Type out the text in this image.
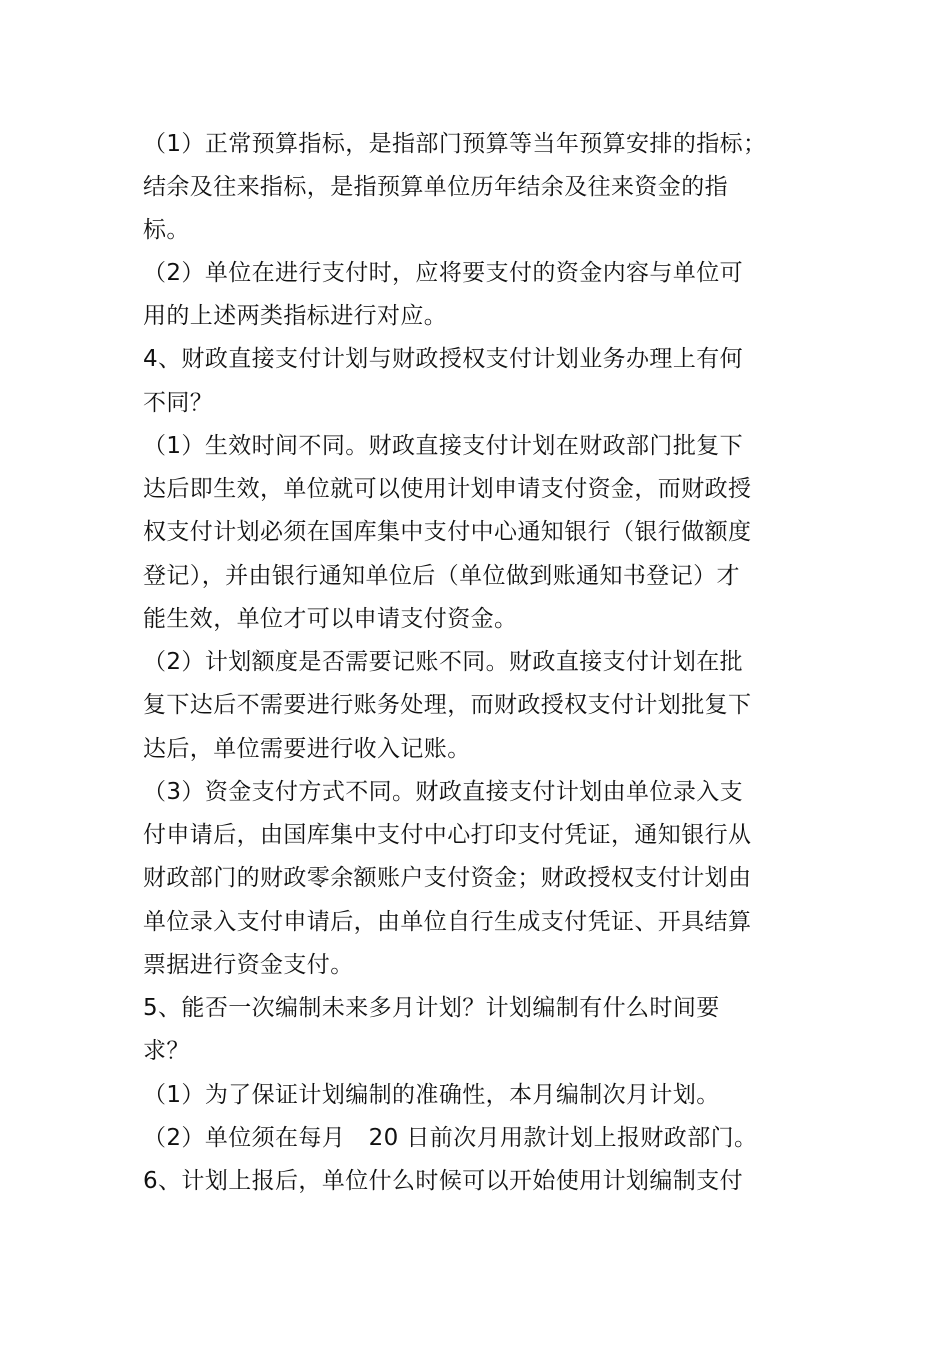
（1）正常预算指标，是指部门预算等当年预算安排的指标；
结余及往来指标，是指预算单位历年结余及往来资金的指
标。
（2）单位在进行支付时，应将要支付的资金内容与单位可
用的上述两类指标进行对应。
4、财政直接支付计划与财政授权支付计划业务办理上有何
不同？
（1）生效时间不同。财政直接支付计划在财政部门批复下
达后即生效，单位就可以使用计划申请支付资金，而财政授
权支付计划必须在国库集中支付中心通知银行（银行做额度
登记），并由银行通知单位后（单位做到账通知书登记）才
能生效，单位才可以申请支付资金。
（2）计划额度是否需要记账不同。财政直接支付计划在批
复下达后不需要进行账务处理，而财政授权支付计划批复下
达后，单位需要进行收入记账。
（3）资金支付方式不同。财政直接支付计划由单位录入支
付申请后，由国库集中支付中心打印支付凭证，通知银行从
财政部门的财政零余额账户支付资金；财政授权支付计划由
单位录入支付申请后，由单位自行生成支付凭证、开具结算
票据进行资金支付。
5、能否一次编制未来多月计划？计划编制有什么时间要
求？
（1）为了保证计划编制的准确性，本月编制次月计划。
（2）单位须在每月　20 日前次月用款计划上报财政部门。
6、计划上报后，单位什么时候可以开始使用计划编制支付
